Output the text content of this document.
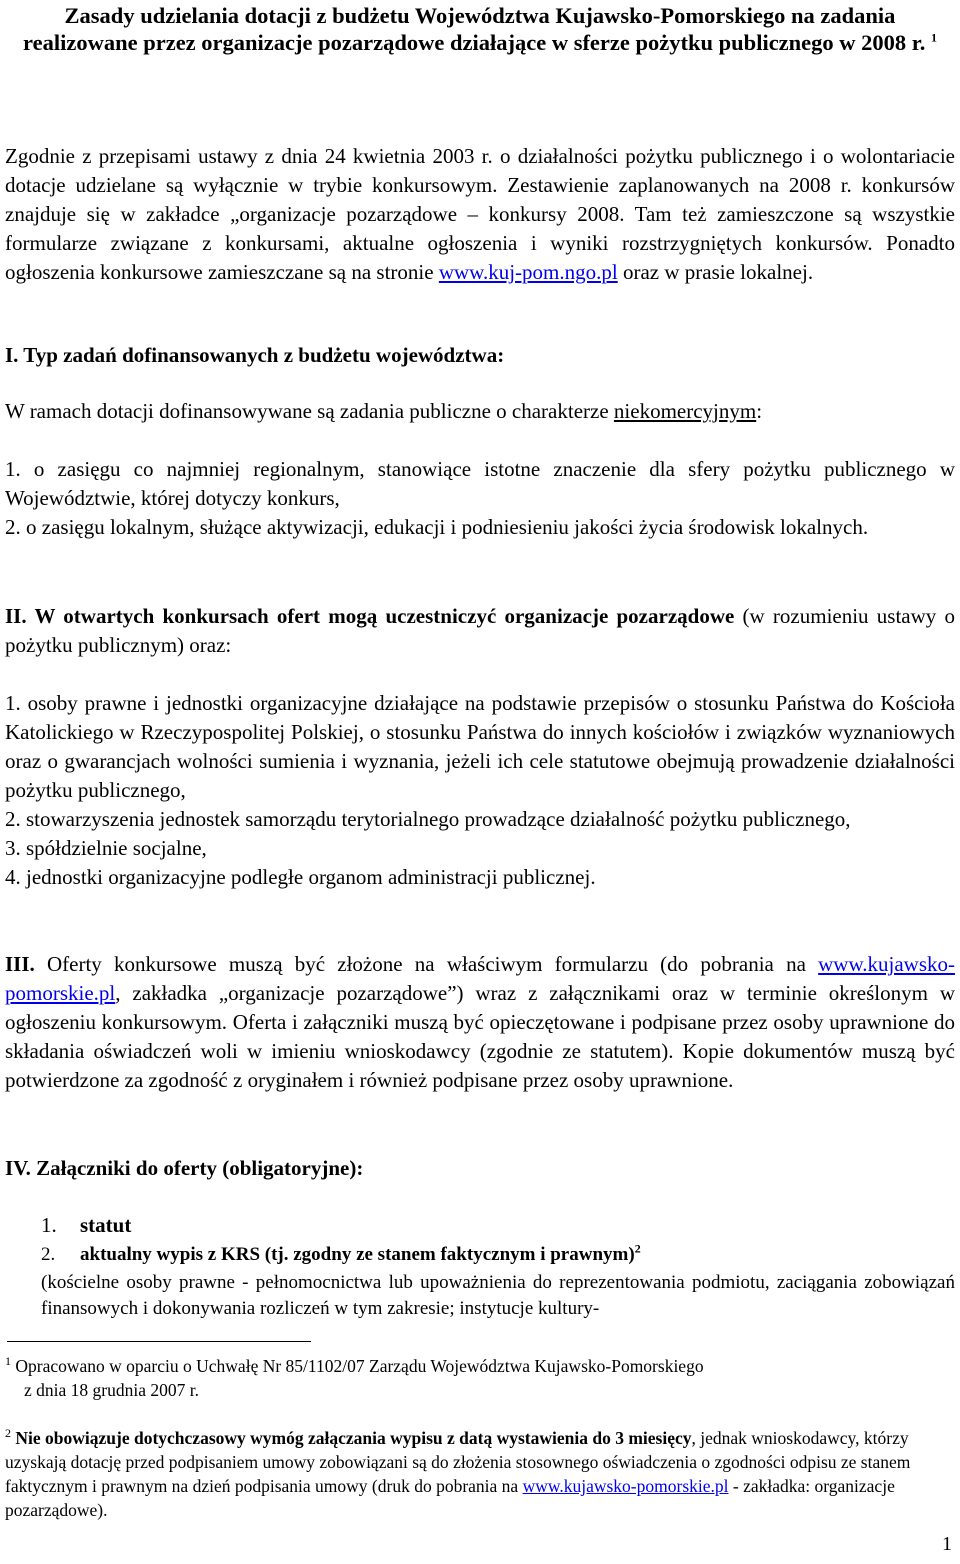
Zasady udzielania dotacji z budżetu Województwa Kujawsko-Pomorskiego na zadania realizowane przez organizacje pozarządowe działające w sferze pożytku publicznego w 2008 r. $^1$

Zgodnie z przepisami ustawy z dnia 24 kwietnia 2003 r. o działalności pożytku publicznego i o wolontariacie dotacje udzielane są wyłącznie w trybie konkursowym. Zestawienie zaplanowanych na 2008 r. konkursów znajduje się w zakładce „organizacje pozarządowe – konkursy 2008. Tam też zamieszczone są wszystkie formularze związane z konkursami, aktualne ogłoszenia i wyniki rozstrzygniętych konkursów. Ponadto ogłoszenia konkursowe zamieszczane są na stronie www.kuj-pom.ngo.pl oraz w prasie lokalnej.

I. Typ zadań dofinansowanych z budżetu województwa:

W ramach dotacji dofinansowywane są zadania publiczne o charakterze niekomercyjnym:

1. o zasięgu co najmniej regionalnym, stanowiące istotne znaczenie dla sfery pożytku publicznego w Województwie, której dotyczy konkurs,

2. o zasięgu lokalnym, służące aktywizacji, edukacji i podniesieniu jakości życia środowisk lokalnych.

II. W otwartych konkursach ofert mogą uczestniczyć organizacje pozarządowe (w rozumieniu ustawy o pożytku publicznym) oraz:

1. osoby prawne i jednostki organizacyjne działające na podstawie przepisów o stosunku Państwa do Kościoła Katolickiego w Rzeczypospolitej Polskiej, o stosunku Państwa do innych kościołów i związków wyznaniowych oraz o gwarancjach wolności sumienia i wyznania, jeżeli ich cele statutowe obejmują prowadzenie działalności pożytku publicznego,

2. stowarzyszenia jednostek samorządu terytorialnego prowadzące działalność pożytku publicznego,

3. spółdzielnie socjalne,

4. jednostki organizacyjne podległe organom administracji publicznej.

III. Oferty konkursowe muszą być złożone na właściwym formularzu (do pobrania na www.kujawsko-pomorskie.pl, zakładka „organizacje pozarządowe”) wraz z załącznikami oraz w terminie określonym w ogłoszeniu konkursowym. Oferta i załączniki muszą być opieczętowane i podpisane przez osoby uprawnione do składania oświadczeń woli w imieniu wnioskodawcy (zgodnie ze statutem). Kopie dokumentów muszą być potwierdzone za zgodność z oryginałem i również podpisane przez osoby uprawnione.

IV. Załączniki do oferty (obligatoryjne):

1. statut
2. aktualny wypis z KRS (tj. zgodny ze stanem faktycznym i prawnym)$^2$

(kościelne osoby prawne - pełnomocnictwa lub upoważnienia do reprezentowania podmiotu, zaciągania zobowiązań finansowych i dokonywania rozliczeń w tym zakresie; instytucje kultury-

$^1$ Opracowano w oparciu o Uchwałę Nr 85/1102/07 Zarządu Województwa Kujawsko-Pomorskiego

z dnia 18 grudnia 2007 r.

$^2$ Nie obowiązuje dotychczasowy wymóg załączania wypisu z datą wystawienia do 3 miesięcy, jednak wnioskodawcy, którzy uzyskają dotację przed podpisaniem umowy zobowiązani są do złożenia stosownego oświadczenia o zgodności odpisu ze stanem faktycznym i prawnym na dzień podpisania umowy (druk do pobrania na www.kujawsko-pomorskie.pl - zakładka: organizacje pozarządowe).

1
